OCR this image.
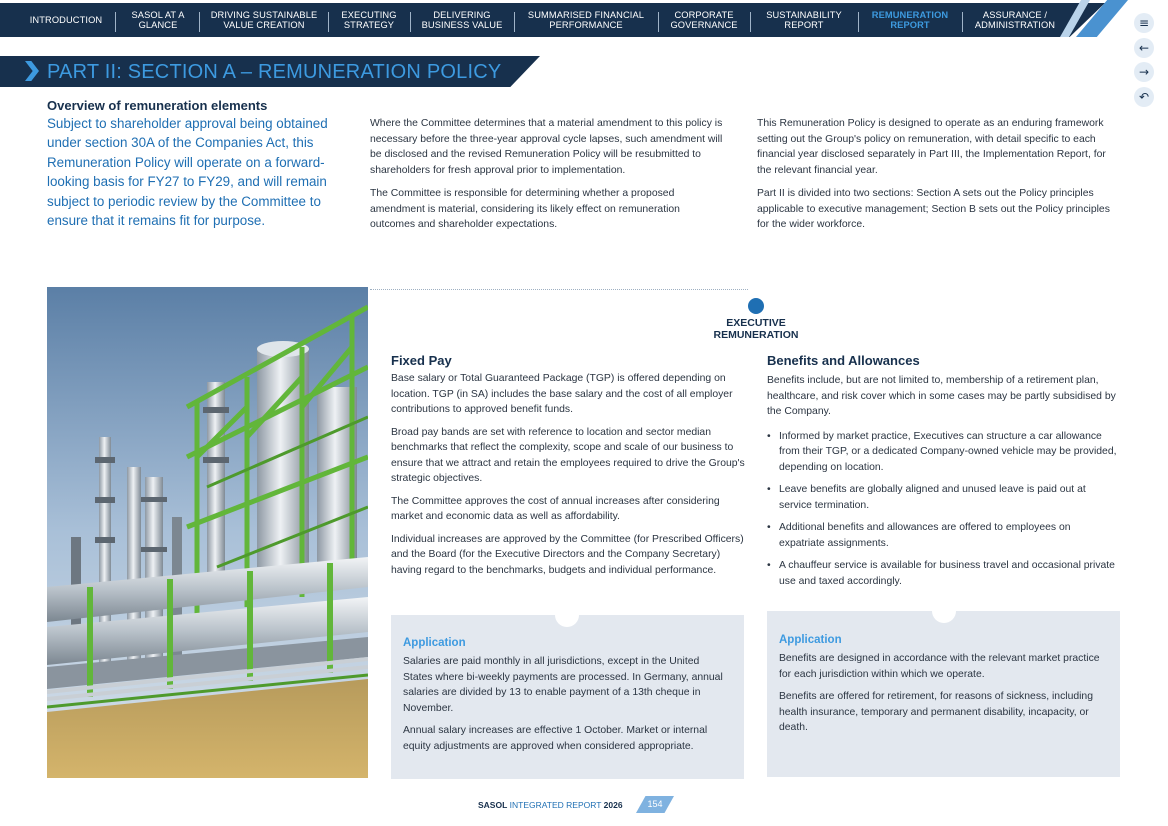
INTRODUCTION
SASOL AT A
GLANCE
DRIVING SUSTAINABLE
VALUE CREATION
EXECUTING
STRATEGY
DELIVERING
BUSINESS VALUE
SUMMARISED FINANCIAL
PERFORMANCE
CORPORATE
GOVERNANCE
SUSTAINABILITY
REPORT
REMUNERATION
REPORT
ASSURANCE /
ADMINISTRATION	≡
←
→
↶
PART II: SECTION A – REMUNERATION POLICY
Overview of remuneration elements
Subject to shareholder approval being obtained under section 30A of the Companies Act, this Remuneration Policy will operate on a forward-looking basis for FY27 to FY29, and will remain subject to periodic review by the Committee to ensure that it remains fit for purpose.

Where the Committee determines that a material amendment to this policy is necessary before the three-year approval cycle lapses, such amendment will be disclosed and the revised Remuneration Policy will be resubmitted to shareholders for fresh approval prior to implementation.

The Committee is responsible for determining whether a proposed amendment is material, considering its likely effect on remuneration outcomes and shareholder expectations.

This Remuneration Policy is designed to operate as an enduring framework setting out the Group's policy on remuneration, with detail specific to each financial year disclosed separately in Part III, the Implementation Report, for the relevant financial year.

Part II is divided into two sections: Section A sets out the Policy principles applicable to executive management; Section B sets out the Policy principles for the wider workforce.

EXECUTIVE
REMUNERATION
Fixed Pay

Base salary or Total Guaranteed Package (TGP) is offered depending on location. TGP (in SA) includes the base salary and the cost of all employer contributions to approved benefit funds.

Broad pay bands are set with reference to location and sector median benchmarks that reflect the complexity, scope and scale of our business to ensure that we attract and retain the employees required to drive the Group's strategic objectives.

The Committee approves the cost of annual increases after considering market and economic data as well as affordability.

Individual increases are approved by the Committee (for Prescribed Officers) and the Board (for the Executive Directors and the Company Secretary) having regard to the benchmarks, budgets and individual performance.

Application

Salaries are paid monthly in all jurisdictions, except in the United States where bi-weekly payments are processed. In Germany, annual salaries are divided by 13 to enable payment of a 13th cheque in November.

Annual salary increases are effective 1 October. Market or internal equity adjustments are approved when considered appropriate.

Benefits and Allowances

Benefits include, but are not limited to, membership of a retirement plan, healthcare, and risk cover which in some cases may be partly subsidised by the Company.

• Informed by market practice, Executives can structure a car allowance from their TGP, or a dedicated Company-owned vehicle may be provided, depending on location.
• Leave benefits are globally aligned and unused leave is paid out at service termination.
• Additional benefits and allowances are offered to employees on expatriate assignments.
• A chauffeur service is available for business travel and occasional private use and taxed accordingly.
Application

Benefits are designed in accordance with the relevant market practice for each jurisdiction within which we operate.

Benefits are offered for retirement, for reasons of sickness, including health insurance, temporary and permanent disability, incapacity, or death.

SASOL INTEGRATED REPORT 2026	154
